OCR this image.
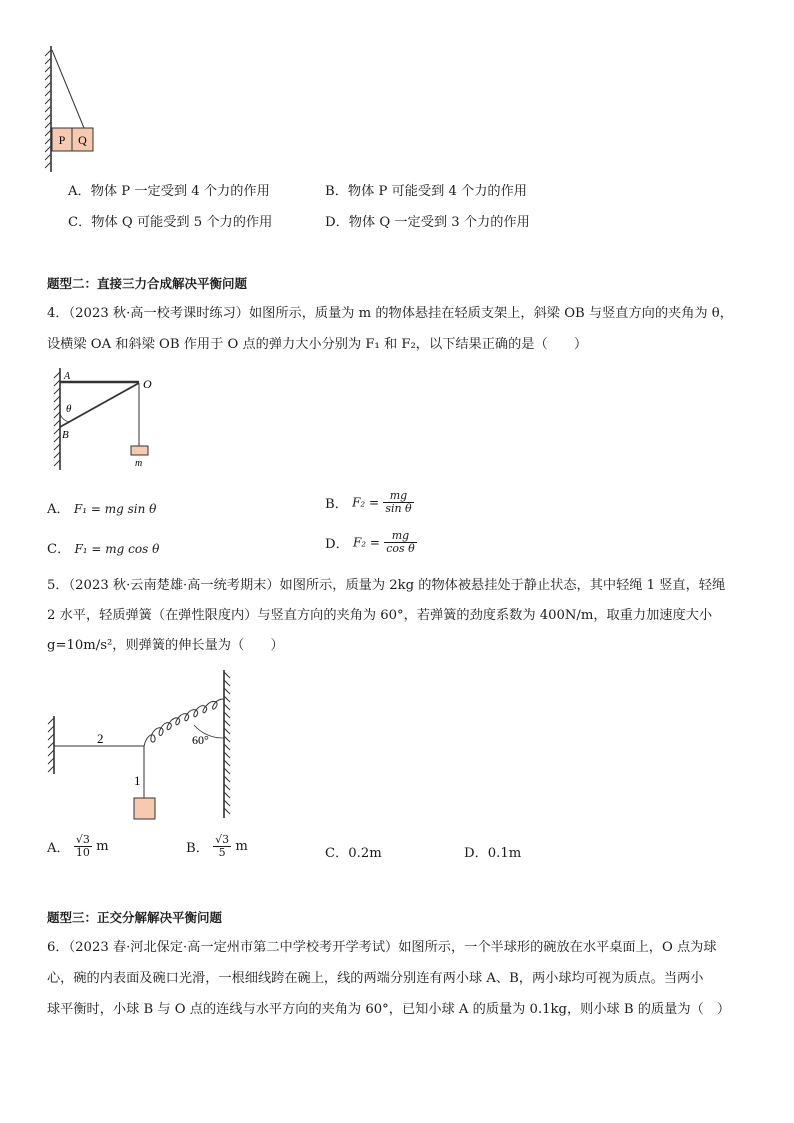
P Q
A．物体 P 一定受到 4 个力的作用	B．物体 P 可能受到 4 个力的作用
C．物体 Q 可能受到 5 个力的作用	D．物体 Q 一定受到 3 个力的作用
题型二：直接三力合成解决平衡问题
4．（2023 秋·高一校考课时练习）如图所示，质量为 m 的物体悬挂在轻质支架上，斜梁 OB 与竖直方向的夹角为 θ，
设横梁 OA 和斜梁 OB 作用于 O 点的弹力大小分别为 F₁ 和 F₂，以下结果正确的是（　　）
A
O
θ
B
m
A． F₁ = mg sin θ	B． $F_2 = \frac{mg}{\text{sin θ}}$
C． F₁ = mg cos θ	D． $F_2 = \frac{mg}{\text{cos θ}}$
5．（2023 秋·云南楚雄·高一统考期末）如图所示，质量为 2kg 的物体被悬挂处于静止状态，其中轻绳 1 竖直，轻绳
2 水平，轻质弹簧（在弹性限度内）与竖直方向的夹角为 60°，若弹簧的劲度系数为 400N/m，取重力加速度大小
g=10m/s²，则弹簧的伸长量为（　　）
2
1
60°
A． $\frac{√3}{10}$ m	B． $\frac{√3}{5}$ m	C．0.2m	D．0.1m
题型三：正交分解解决平衡问题
6．（2023 春·河北保定·高一定州市第二中学校考开学考试）如图所示，一个半球形的碗放在水平桌面上，O 点为球
心，碗的内表面及碗口光滑，一根细线跨在碗上，线的两端分别连有两小球 A、B，两小球均可视为质点。当两小
球平衡时，小球 B 与 O 点的连线与水平方向的夹角为 60°，已知小球 A 的质量为 0.1kg，则小球 B 的质量为（　）
